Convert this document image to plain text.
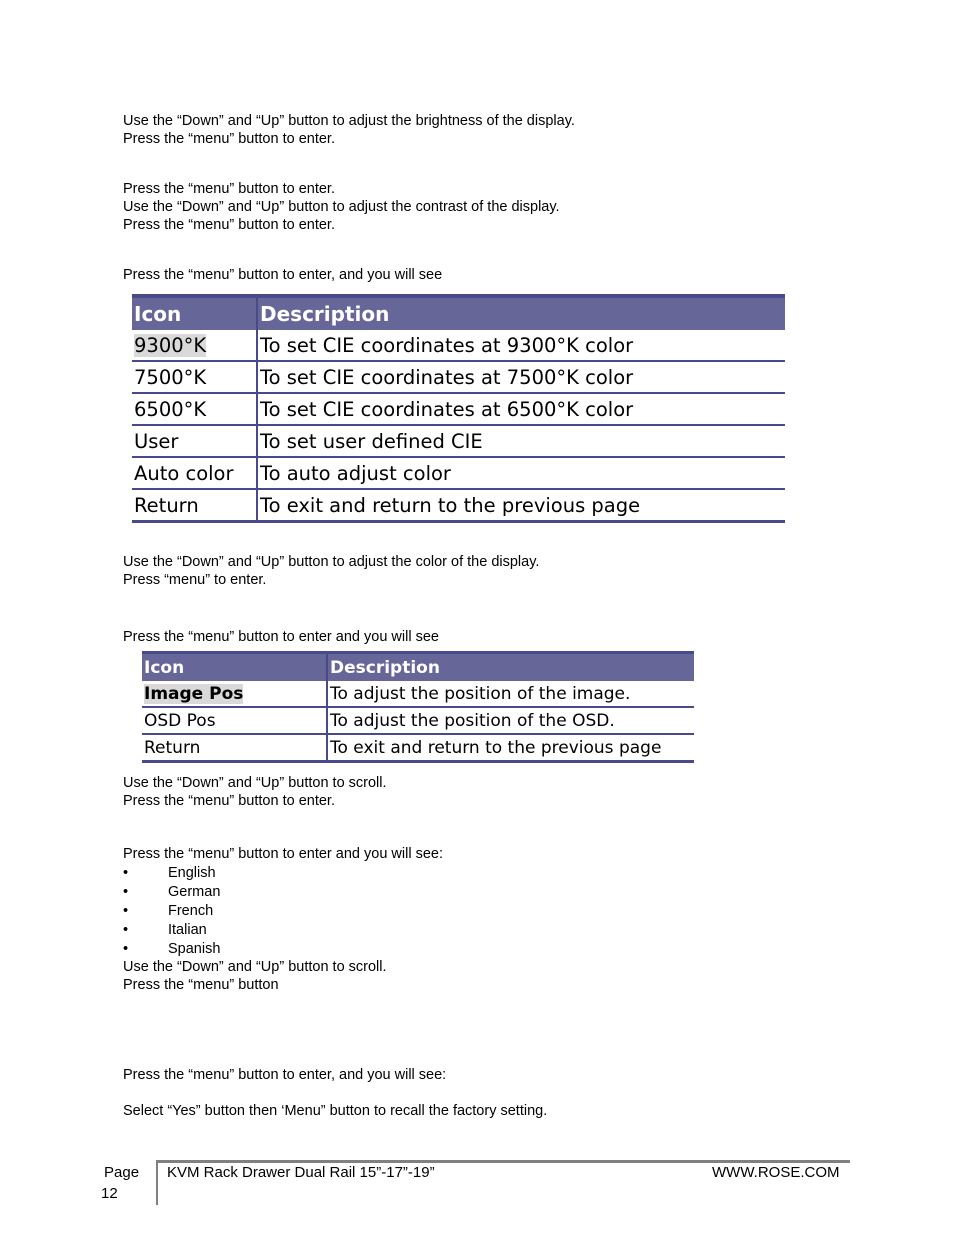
Use the “Down” and “Up” button to adjust the brightness of the display.
Press the “menu” button to enter.
Press the “menu” button to enter.
Use the “Down” and “Up” button to adjust the contrast of the display.
Press the “menu” button to enter.
Press the “menu” button to enter, and you will see
Icon	Description
9300°K	To set CIE coordinates at 9300°K color
7500°K	To set CIE coordinates at 7500°K color
6500°K	To set CIE coordinates at 6500°K color
User	To set user defined CIE
Auto color	To auto adjust color
Return	To exit and return to the previous page
Use the “Down” and “Up” button to adjust the color of the display.
Press “menu” to enter.
Press the “menu” button to enter and you will see
Icon	Description
Image Pos	To adjust the position of the image.
OSD Pos	To adjust the position of the OSD.
Return	To exit and return to the previous page
Use the “Down” and “Up” button to scroll.
Press the “menu” button to enter.
Press the “menu” button to enter and you will see:
• English
• German
• French
• Italian
• Spanish
Use the “Down” and “Up” button to scroll.
Press the “menu” button
Press the “menu” button to enter, and you will see:
Select “Yes” button then ‘Menu” button to recall the factory setting.
Page
12
KVM Rack Drawer Dual Rail 15”-17”-19”	WWW.ROSE.COM
